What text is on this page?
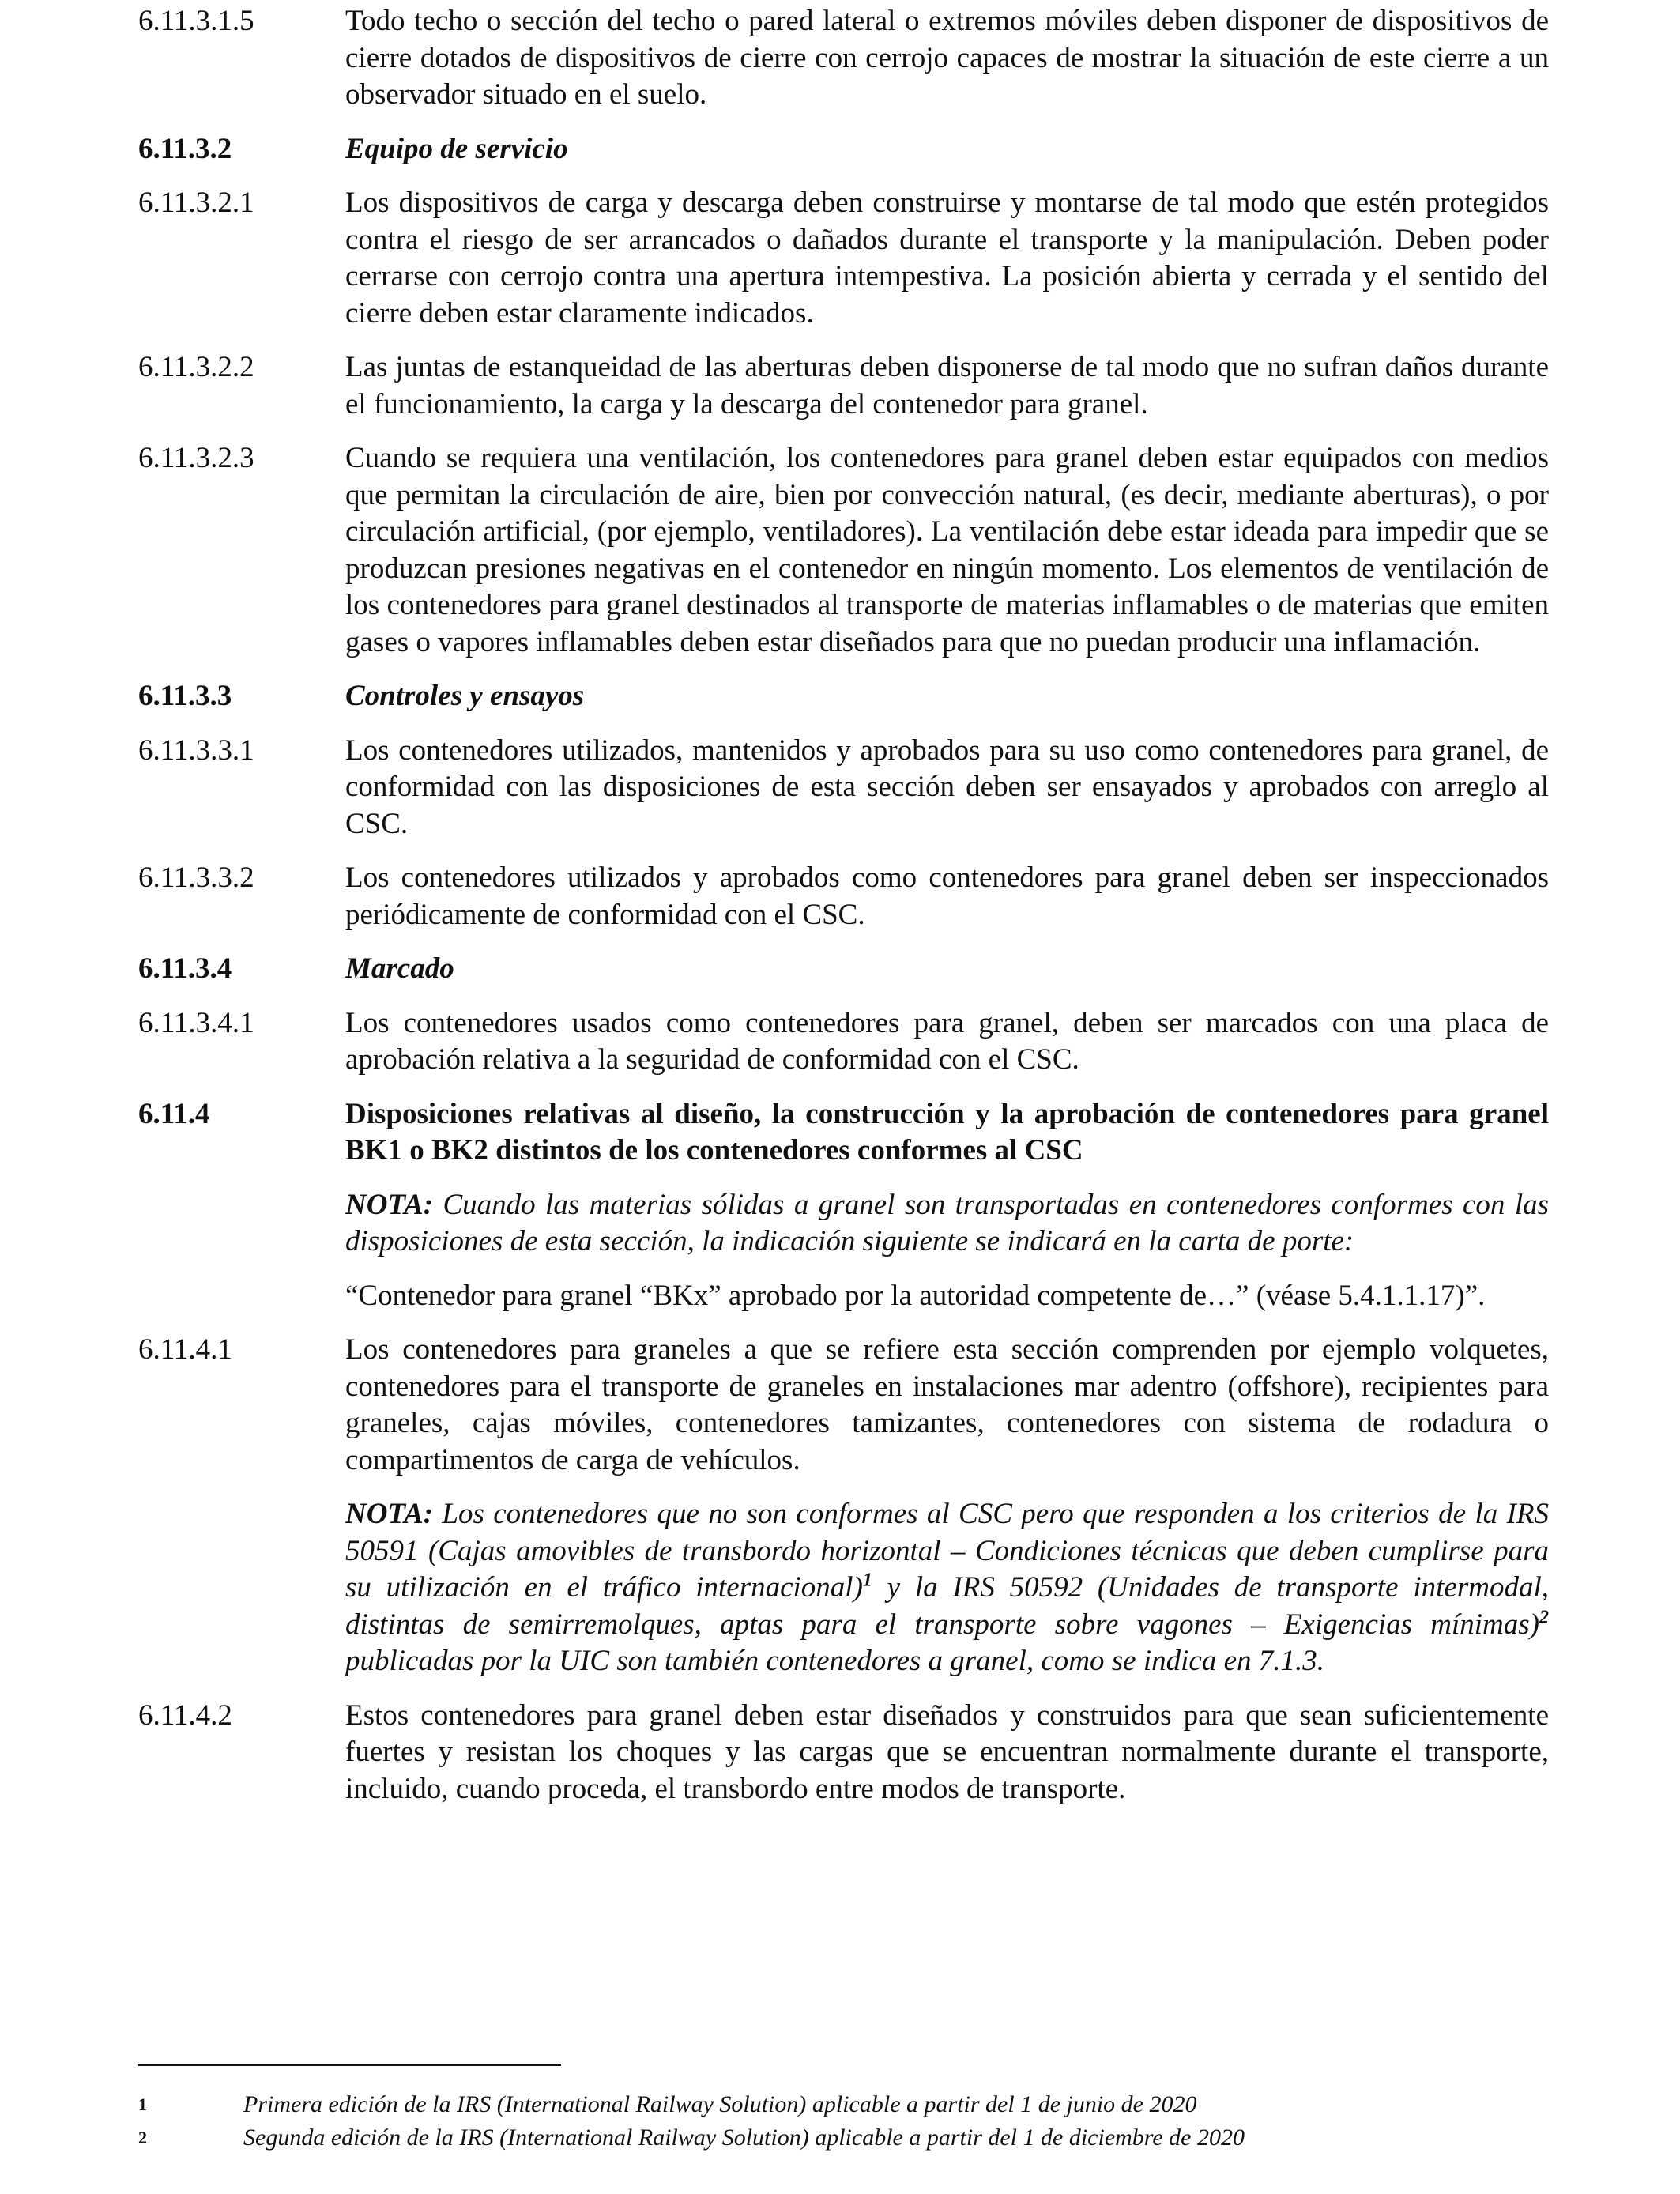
6.11.3.1.5	Todo techo o sección del techo o pared lateral o extremos móviles deben disponer de dispositivos de cierre dotados de dispositivos de cierre con cerrojo capaces de mostrar la situación de este cierre a un observador situado en el suelo.
6.11.3.2	Equipo de servicio
6.11.3.2.1	Los dispositivos de carga y descarga deben construirse y montarse de tal modo que estén protegidos contra el riesgo de ser arrancados o dañados durante el transporte y la manipulación. Deben poder cerrarse con cerrojo contra una apertura intempestiva. La posición abierta y cerrada y el sentido del cierre deben estar claramente indicados.
6.11.3.2.2	Las juntas de estanqueidad de las aberturas deben disponerse de tal modo que no sufran daños durante el funcionamiento, la carga y la descarga del contenedor para granel.
6.11.3.2.3	Cuando se requiera una ventilación, los contenedores para granel deben estar equipados con medios que permitan la circulación de aire, bien por convección natural, (es decir, mediante aberturas), o por circulación artificial, (por ejemplo, ventiladores). La ventilación debe estar ideada para impedir que se produzcan presiones negativas en el contenedor en ningún momento. Los elementos de ventilación de los contenedores para granel destinados al transporte de materias inflamables o de materias que emiten gases o vapores inflamables deben estar diseñados para que no puedan producir una inflamación.
6.11.3.3	Controles y ensayos
6.11.3.3.1	Los contenedores utilizados, mantenidos y aprobados para su uso como contenedores para granel, de conformidad con las disposiciones de esta sección deben ser ensayados y aprobados con arreglo al CSC.
6.11.3.3.2	Los contenedores utilizados y aprobados como contenedores para granel deben ser inspeccionados periódicamente de conformidad con el CSC.
6.11.3.4	Marcado
6.11.3.4.1	Los contenedores usados como contenedores para granel, deben ser marcados con una placa de aprobación relativa a la seguridad de conformidad con el CSC.
6.11.4	Disposiciones relativas al diseño, la construcción y la aprobación de contenedores para granel BK1 o BK2 distintos de los contenedores conformes al CSC
NOTA: Cuando las materias sólidas a granel son transportadas en contenedores conformes con las disposiciones de esta sección, la indicación siguiente se indicará en la carta de porte:
“Contenedor para granel “BKx” aprobado por la autoridad competente de…” (véase 5.4.1.1.17)”.
6.11.4.1	Los contenedores para graneles a que se refiere esta sección comprenden por ejemplo volquetes, contenedores para el transporte de graneles en instalaciones mar adentro (offshore), recipientes para graneles, cajas móviles, contenedores tamizantes, contenedores con sistema de rodadura o compartimentos de carga de vehículos.
NOTA: Los contenedores que no son conformes al CSC pero que responden a los criterios de la IRS 50591 (Cajas amovibles de transbordo horizontal – Condiciones técnicas que deben cumplirse para su utilización en el tráfico internacional)$^1$ y la IRS 50592 (Unidades de transporte intermodal, distintas de semirremolques, aptas para el transporte sobre vagones – Exigencias mínimas)$^2$ publicadas por la UIC son también contenedores a granel, como se indica en 7.1.3.
6.11.4.2	Estos contenedores para granel deben estar diseñados y construidos para que sean suficientemente fuertes y resistan los choques y las cargas que se encuentran normalmente durante el transporte, incluido, cuando proceda, el transbordo entre modos de transporte.
1	Primera edición de la IRS (International Railway Solution) aplicable a partir del 1 de junio de 2020
2	Segunda edición de la IRS (International Railway Solution) aplicable a partir del 1 de diciembre de 2020
